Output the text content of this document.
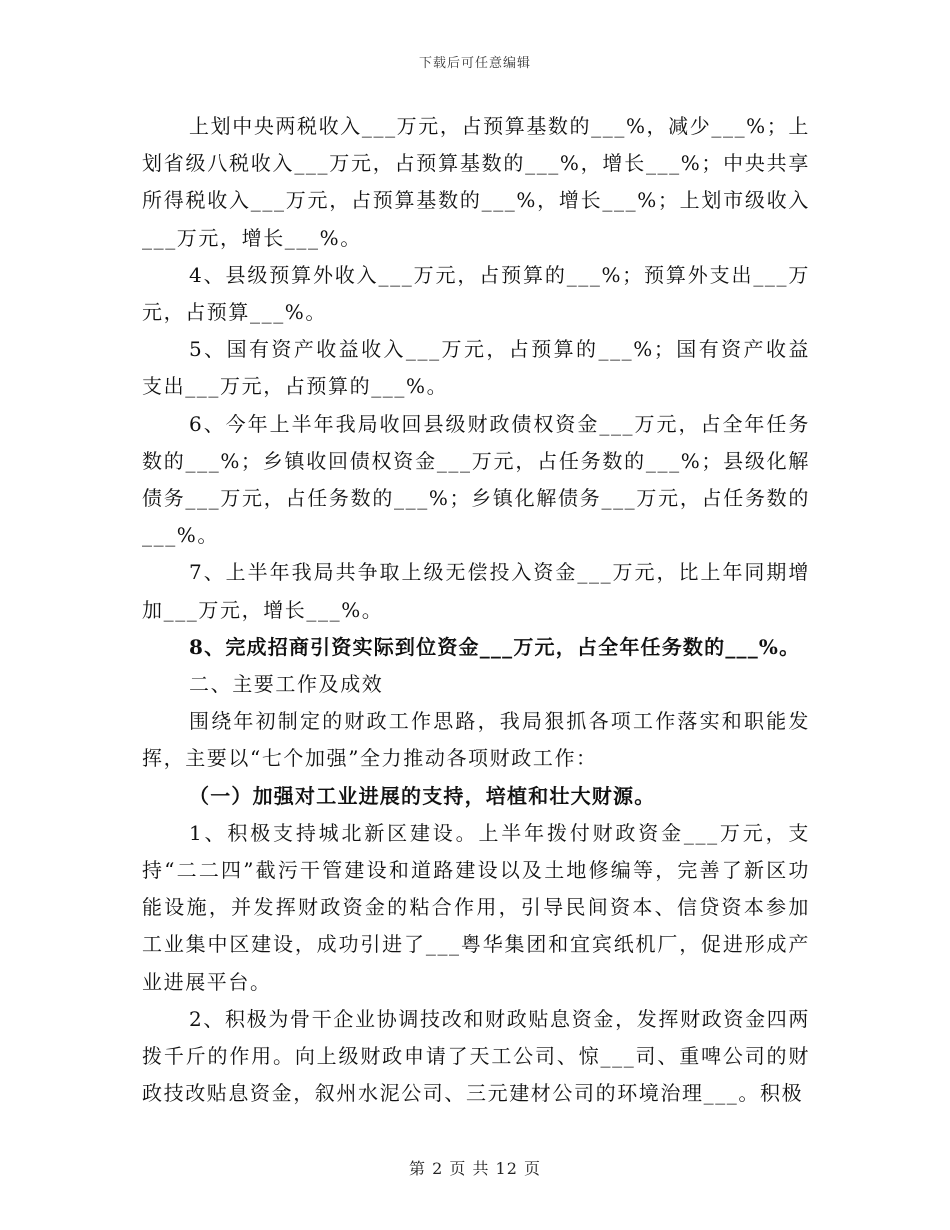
下载后可任意编辑

上划中央两税收入___万元，占预算基数的___%，减少___%；上划省级八税收入___万元，占预算基数的___%，增长___%；中央共享所得税收入___万元，占预算基数的___%，增长___%；上划市级收入___万元，增长___%。

4、县级预算外收入___万元，占预算的___%；预算外支出___万元，占预算___%。

5、国有资产收益收入___万元，占预算的___%；国有资产收益支出___万元，占预算的___%。

6、今年上半年我局收回县级财政债权资金___万元，占全年任务数的___%；乡镇收回债权资金___万元，占任务数的___%；县级化解债务___万元，占任务数的___%；乡镇化解债务___万元，占任务数的___%。

7、上半年我局共争取上级无偿投入资金___万元，比上年同期增加___万元，增长___%。

8、完成招商引资实际到位资金___万元，占全年任务数的___%。

二、主要工作及成效

围绕年初制定的财政工作思路，我局狠抓各项工作落实和职能发挥，主要以“七个加强”全力推动各项财政工作：

（一）加强对工业进展的支持，培植和壮大财源。

1、积极支持城北新区建设。上半年拨付财政资金___万元，支持“二二四”截污干管建设和道路建设以及土地修编等，完善了新区功能设施，并发挥财政资金的粘合作用，引导民间资本、信贷资本参加工业集中区建设，成功引进了___粤华集团和宜宾纸机厂，促进形成产业进展平台。

2、积极为骨干企业协调技改和财政贴息资金，发挥财政资金四两拨千斤的作用。向上级财政申请了天工公司、惊___司、重啤公司的财政技改贴息资金，叙州水泥公司、三元建材公司的环境治理___。积极

第 2 页 共 12 页
